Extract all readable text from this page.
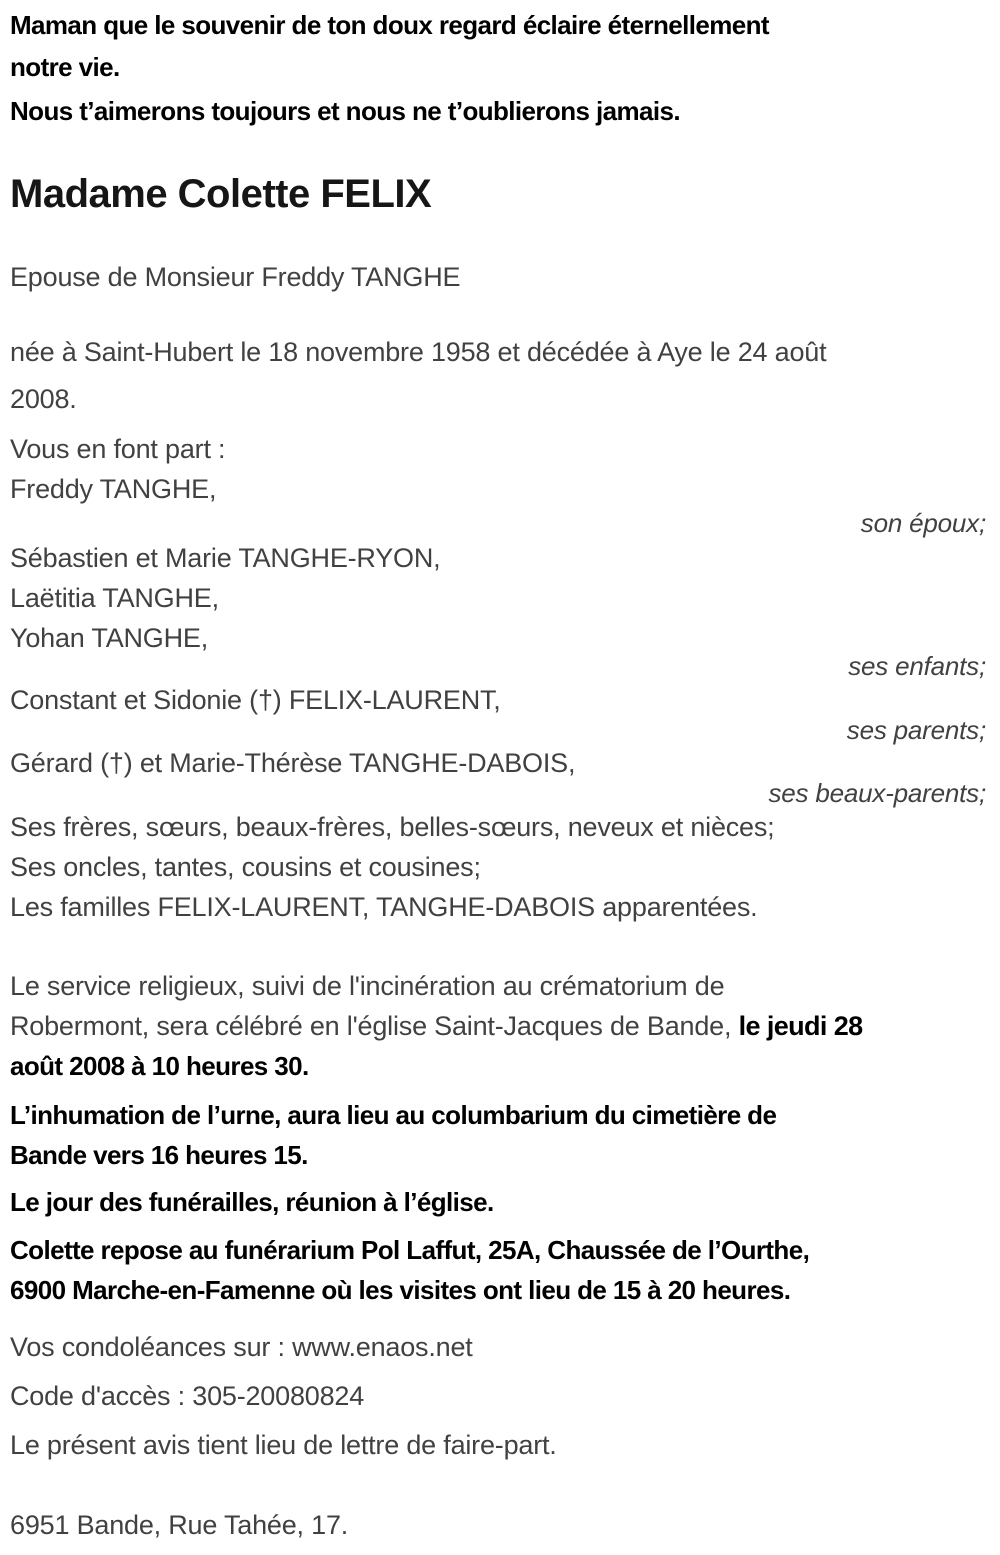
Maman que le souvenir de ton doux regard éclaire éternellement
notre vie.
Nous t’aimerons toujours et nous ne t’oublierons jamais.
Madame Colette FELIX
Epouse de Monsieur Freddy TANGHE
née à Saint-Hubert le 18 novembre 1958 et décédée à Aye le 24 août
2008.
Vous en font part :
Freddy TANGHE,
son époux;
Sébastien et Marie TANGHE-RYON,
Laëtitia TANGHE,
Yohan TANGHE,
ses enfants;
Constant et Sidonie (†) FELIX-LAURENT,
ses parents;
Gérard (†) et Marie-Thérèse TANGHE-DABOIS,
ses beaux-parents;
Ses frères, sœurs, beaux-frères, belles-sœurs, neveux et nièces;
Ses oncles, tantes, cousins et cousines;
Les familles FELIX-LAURENT, TANGHE-DABOIS apparentées.
Le service religieux, suivi de l'incinération au crématorium de
Robermont, sera célébré en l'église Saint-Jacques de Bande, le jeudi 28
août 2008 à 10 heures 30.
L’inhumation de l’urne, aura lieu au columbarium du cimetière de
Bande vers 16 heures 15.
Le jour des funérailles, réunion à l’église.
Colette repose au funérarium Pol Laffut, 25A, Chaussée de l’Ourthe,
6900 Marche-en-Famenne où les visites ont lieu de 15 à 20 heures.
Vos condoléances sur : www.enaos.net
Code d'accès : 305-20080824
Le présent avis tient lieu de lettre de faire-part.
6951 Bande, Rue Tahée, 17.
